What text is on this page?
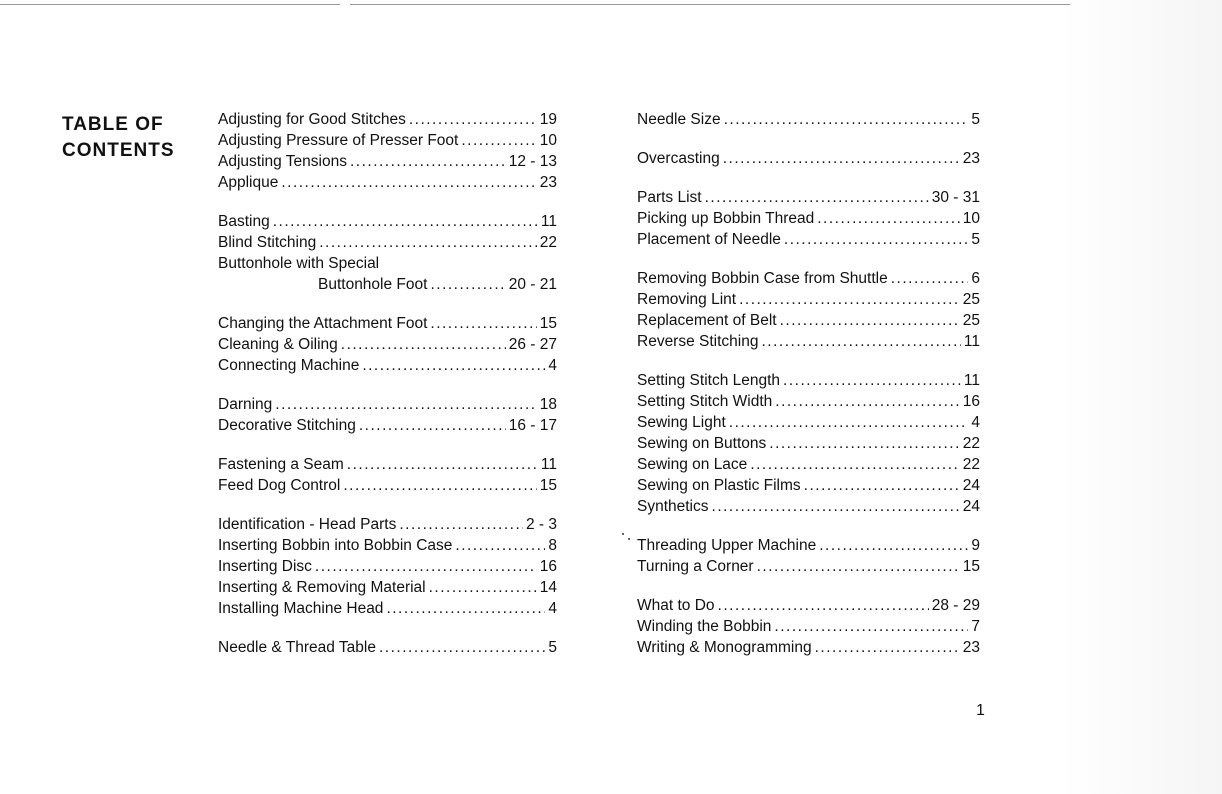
TABLE OF
CONTENTS
Adjusting for Good Stitches .....	19
Adjusting Pressure of Presser Foot .....	10
Adjusting Tensions .....	12 - 13
Applique .....	23
Basting .....	11
Blind Stitching .....	22
Buttonhole with Special
Buttonhole Foot .....	20 - 21
Changing the Attachment Foot .....	15
Cleaning & Oiling .....	26 - 27
Connecting Machine .....	4
Darning .....	18
Decorative Stitching .....	16 - 17
Fastening a Seam .....	11
Feed Dog Control .....	15
Identification - Head Parts .....	2 - 3
Inserting Bobbin into Bobbin Case .....	8
Inserting Disc .....	16
Inserting & Removing Material .....	14
Installing Machine Head .....	4
Needle & Thread Table .....	5
Needle Size .....	5
Overcasting .....	23
Parts List .....	30 - 31
Picking up Bobbin Thread .....	10
Placement of Needle .....	5
Removing Bobbin Case from Shuttle .....	6
Removing Lint .....	25
Replacement of Belt .....	25
Reverse Stitching .....	11
Setting Stitch Length .....	11
Setting Stitch Width .....	16
Sewing Light .....	4
Sewing on Buttons .....	22
Sewing on Lace .....	22
Sewing on Plastic Films .....	24
Synthetics .....	24
Threading Upper Machine .....	9
Turning a Corner .....	15
What to Do .....	28 - 29
Winding the Bobbin .....	7
Writing & Monogramming .....	23
1
